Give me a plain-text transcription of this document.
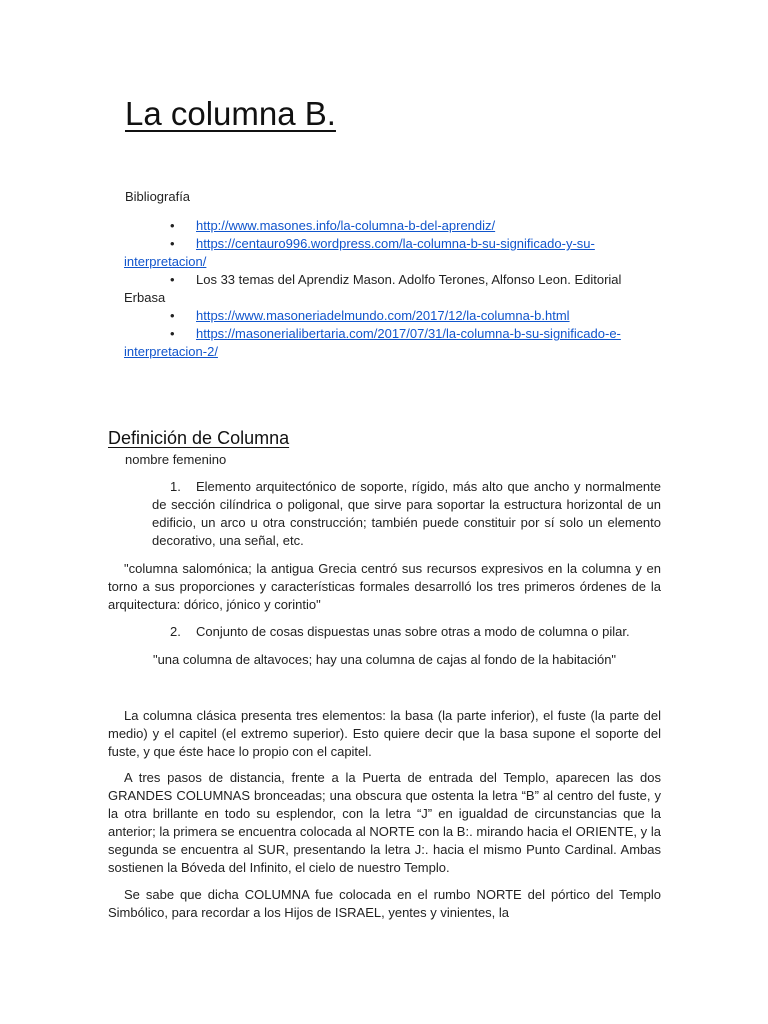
La columna B.
Bibliografía
• http://www.masones.info/la-columna-b-del-aprendiz/
• https://centauro996.wordpress.com/la-columna-b-su-significado-y-su-interpretacion/
• Los 33 temas del Aprendiz Mason. Adolfo Terones, Alfonso Leon. Editorial Erbasa
• https://www.masoneriadelmundo.com/2017/12/la-columna-b.html
• https://masonerialibertaria.com/2017/07/31/la-columna-b-su-significado-e-interpretacion-2/
Definición de Columna
nombre femenino

1. Elemento arquitectónico de soporte, rígido, más alto que ancho y normalmente de sección cilíndrica o poligonal, que sirve para soportar la estructura horizontal de un edificio, un arco u otra construcción; también puede constituir por sí solo un elemento decorativo, una señal, etc.

"columna salomónica; la antigua Grecia centró sus recursos expresivos en la columna y en torno a sus proporciones y características formales desarrolló los tres primeros órdenes de la arquitectura: dórico, jónico y corintio"

2. Conjunto de cosas dispuestas unas sobre otras a modo de columna o pilar.

"una columna de altavoces; hay una columna de cajas al fondo de la habitación"

La columna clásica presenta tres elementos: la basa (la parte inferior), el fuste (la parte del medio) y el capitel (el extremo superior). Esto quiere decir que la basa supone el soporte del fuste, y que éste hace lo propio con el capitel.

A tres pasos de distancia, frente a la Puerta de entrada del Templo, aparecen las dos GRANDES COLUMNAS bronceadas; una obscura que ostenta la letra “B” al centro del fuste, y la otra brillante en todo su esplendor, con la letra “J” en igualdad de circunstancias que la anterior; la primera se encuentra colocada al NORTE con la B:. mirando hacia el ORIENTE, y la segunda se encuentra al SUR, presentando la letra J:. hacia el mismo Punto Cardinal. Ambas sostienen la Bóveda del Infinito, el cielo de nuestro Templo.

Se sabe que dicha COLUMNA fue colocada en el rumbo NORTE del pórtico del Templo Simbólico, para recordar a los Hijos de ISRAEL, yentes y vinientes, la
